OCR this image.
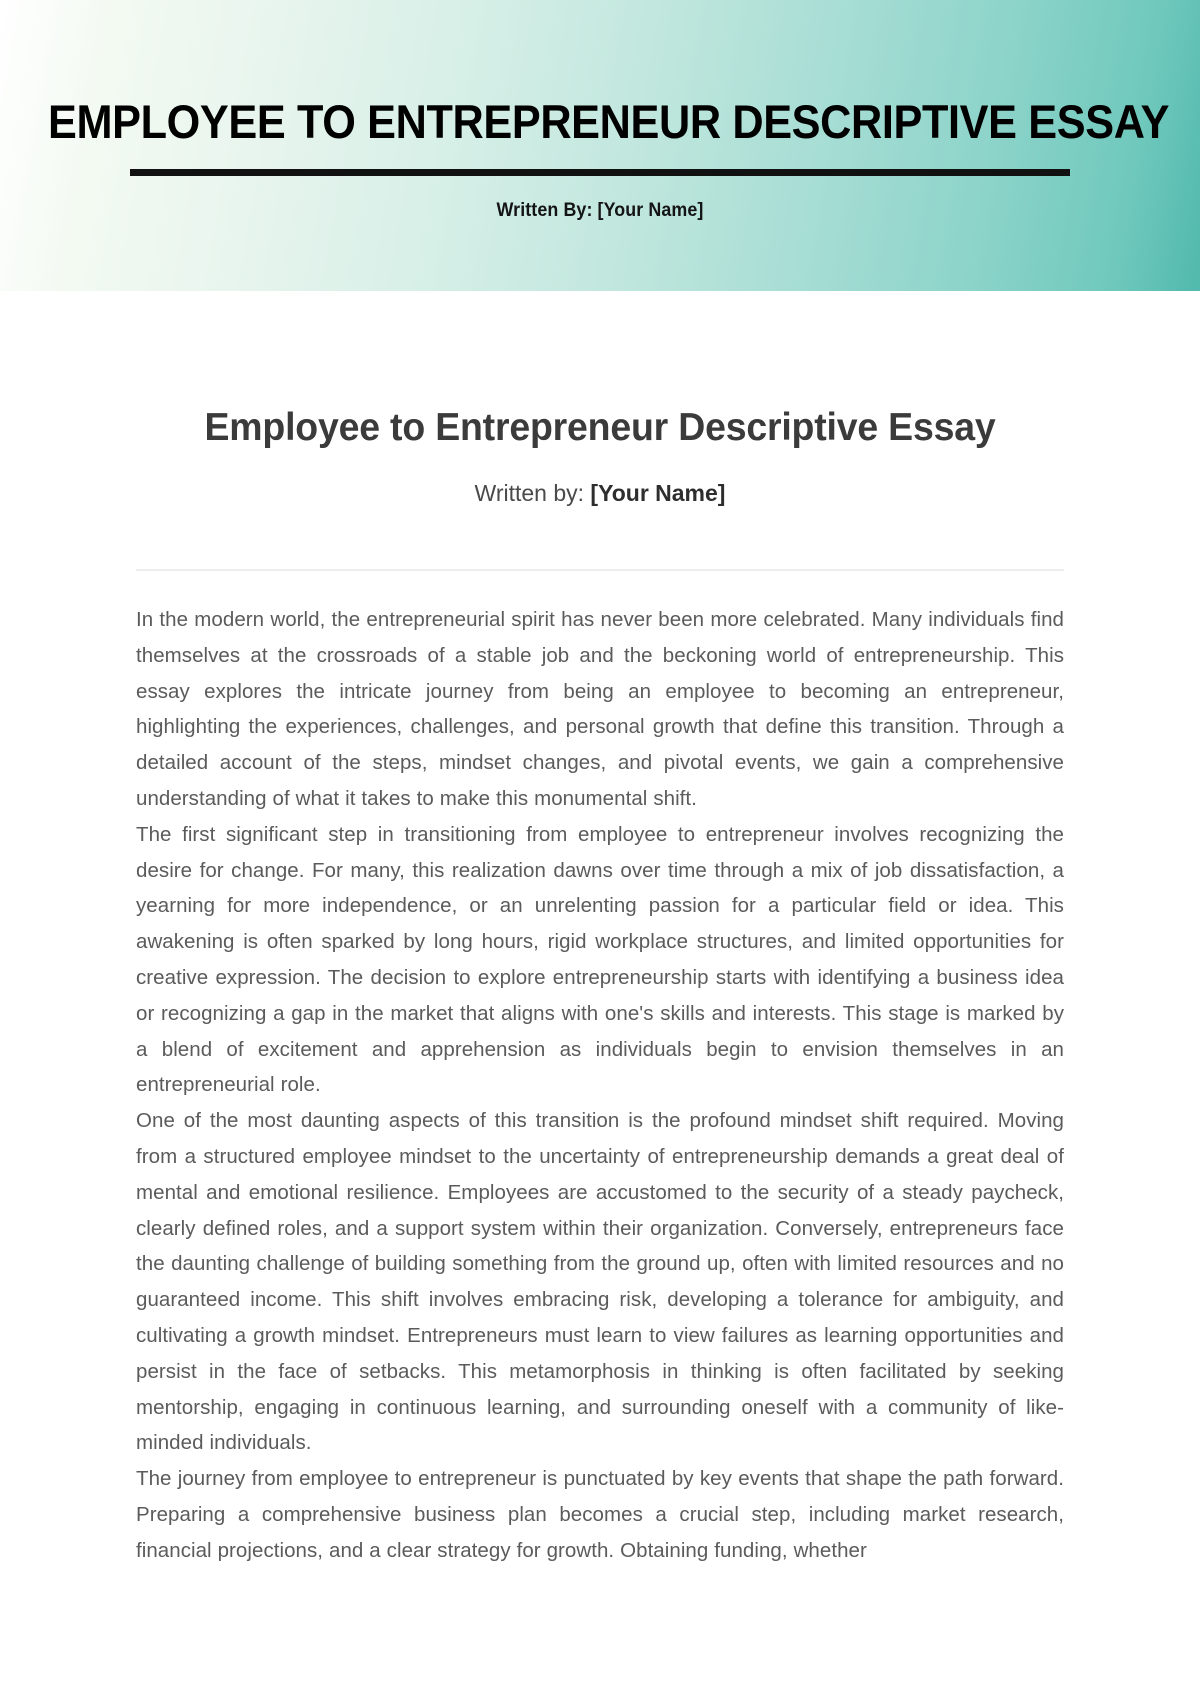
EMPLOYEE TO ENTREPRENEUR DESCRIPTIVE ESSAY
Written By: [Your Name]
Employee to Entrepreneur Descriptive Essay

Written by: [Your Name]

In the modern world, the entrepreneurial spirit has never been more celebrated. Many individuals find themselves at the crossroads of a stable job and the beckoning world of entrepreneurship. This essay explores the intricate journey from being an employee to becoming an entrepreneur, highlighting the experiences, challenges, and personal growth that define this transition. Through a detailed account of the steps, mindset changes, and pivotal events, we gain a comprehensive understanding of what it takes to make this monumental shift.

The first significant step in transitioning from employee to entrepreneur involves recognizing the desire for change. For many, this realization dawns over time through a mix of job dissatisfaction, a yearning for more independence, or an unrelenting passion for a particular field or idea. This awakening is often sparked by long hours, rigid workplace structures, and limited opportunities for creative expression. The decision to explore entrepreneurship starts with identifying a business idea or recognizing a gap in the market that aligns with one's skills and interests. This stage is marked by a blend of excitement and apprehension as individuals begin to envision themselves in an entrepreneurial role.

One of the most daunting aspects of this transition is the profound mindset shift required. Moving from a structured employee mindset to the uncertainty of entrepreneurship demands a great deal of mental and emotional resilience. Employees are accustomed to the security of a steady paycheck, clearly defined roles, and a support system within their organization. Conversely, entrepreneurs face the daunting challenge of building something from the ground up, often with limited resources and no guaranteed income. This shift involves embracing risk, developing a tolerance for ambiguity, and cultivating a growth mindset. Entrepreneurs must learn to view failures as learning opportunities and persist in the face of setbacks. This metamorphosis in thinking is often facilitated by seeking mentorship, engaging in continuous learning, and surrounding oneself with a community of like-minded individuals.

The journey from employee to entrepreneur is punctuated by key events that shape the path forward. Preparing a comprehensive business plan becomes a crucial step, including market research, financial projections, and a clear strategy for growth. Obtaining funding, whether
